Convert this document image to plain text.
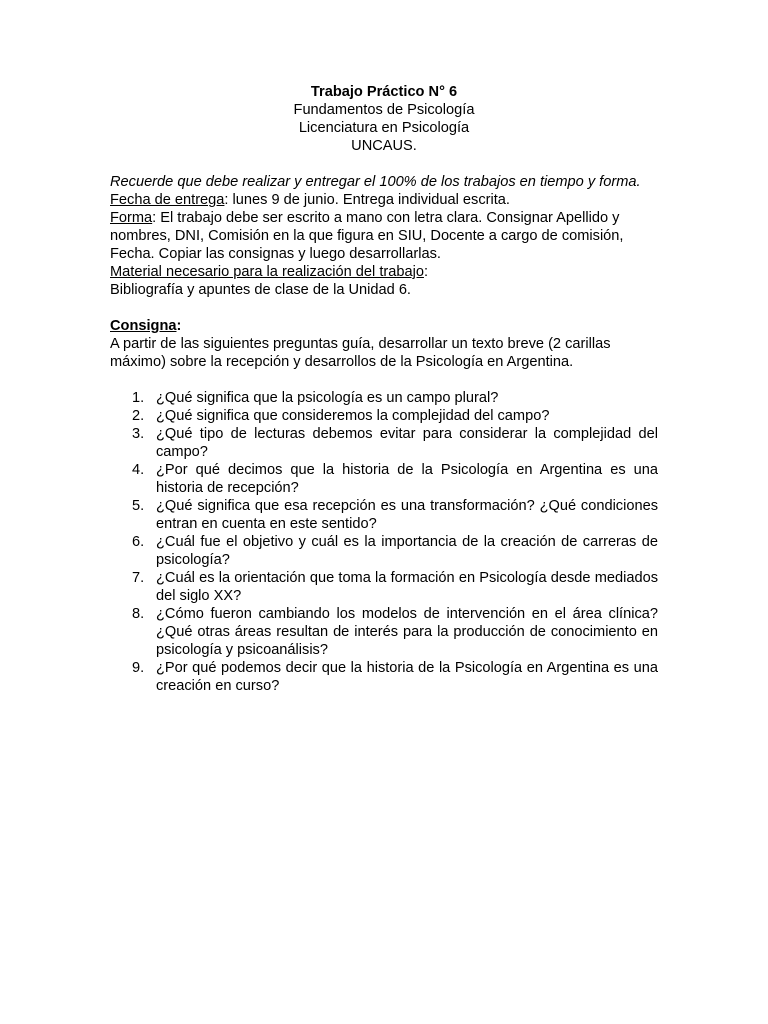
Trabajo Práctico N° 6
Fundamentos de Psicología
Licenciatura en Psicología
UNCAUS.

Recuerde que debe realizar y entregar el 100% de los trabajos en tiempo y forma.

Fecha de entrega: lunes 9 de junio. Entrega individual escrita.

Forma: El trabajo debe ser escrito a mano con letra clara. Consignar Apellido y nombres, DNI, Comisión en la que figura en SIU, Docente a cargo de comisión, Fecha. Copiar las consignas y luego desarrollarlas.

Material necesario para la realización del trabajo:

Bibliografía y apuntes de clase de la Unidad 6.

Consigna:

A partir de las siguientes preguntas guía, desarrollar un texto breve (2 carillas máximo) sobre la recepción y desarrollos de la Psicología en Argentina.

1. ¿Qué significa que la psicología es un campo plural?
2. ¿Qué significa que consideremos la complejidad del campo?
3. ¿Qué tipo de lecturas debemos evitar para considerar la complejidad del campo?
4. ¿Por qué decimos que la historia de la Psicología en Argentina es una historia de recepción?
5. ¿Qué significa que esa recepción es una transformación? ¿Qué condiciones entran en cuenta en este sentido?
6. ¿Cuál fue el objetivo y cuál es la importancia de la creación de carreras de psicología?
7. ¿Cuál es la orientación que toma la formación en Psicología desde mediados del siglo XX?
8. ¿Cómo fueron cambiando los modelos de intervención en el área clínica? ¿Qué otras áreas resultan de interés para la producción de conocimiento en psicología y psicoanálisis?
9. ¿Por qué podemos decir que la historia de la Psicología en Argentina es una creación en curso?
